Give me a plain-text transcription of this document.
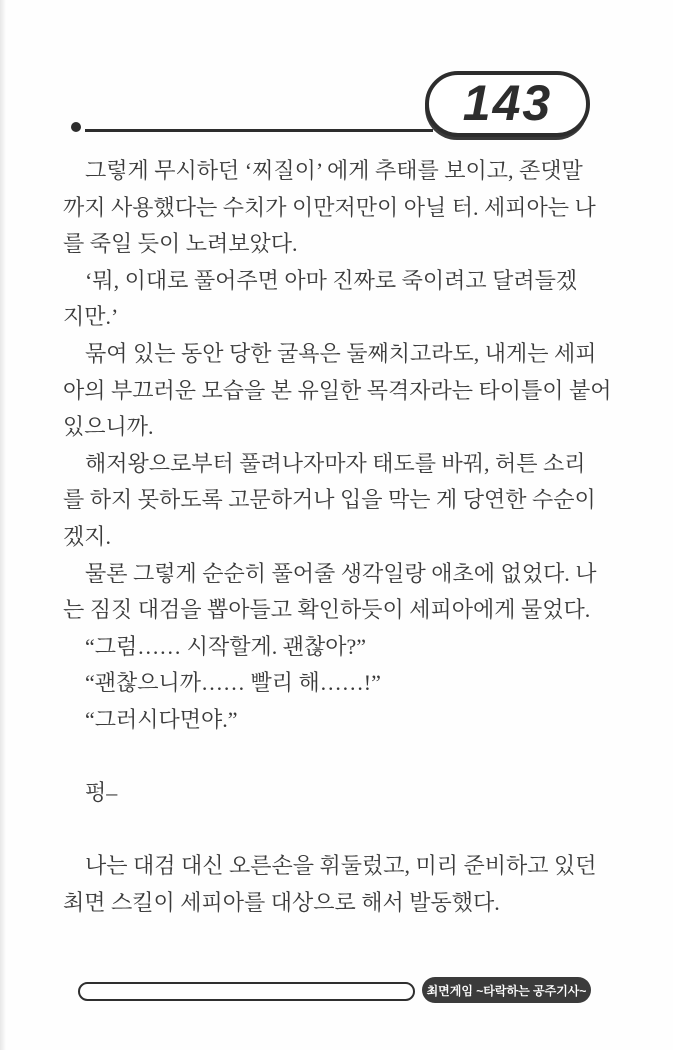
143
　그렇게 무시하던 ‘찌질이’ 에게 추태를 보이고, 존댓말
까지 사용했다는 수치가 이만저만이 아닐 터. 세피아는 나
를 죽일 듯이 노려보았다.
　‘뭐, 이대로 풀어주면 아마 진짜로 죽이려고 달려들겠
지만.’
　묶여 있는 동안 당한 굴욕은 둘째치고라도, 내게는 세피
아의 부끄러운 모습을 본 유일한 목격자라는 타이틀이 붙어
있으니까.
　해저왕으로부터 풀려나자마자 태도를 바꿔, 허튼 소리
를 하지 못하도록 고문하거나 입을 막는 게 당연한 수순이
겠지.
　물론 그렇게 순순히 풀어줄 생각일랑 애초에 없었다. 나
는 짐짓 대검을 뽑아들고 확인하듯이 세피아에게 물었다.
　“그럼…… 시작할게. 괜찮아?”
　“괜찮으니까…… 빨리 해……!”
　“그러시다면야.”
　펑–
　나는 대검 대신 오른손을 휘둘렀고, 미리 준비하고 있던
최면 스킬이 세피아를 대상으로 해서 발동했다.
최면게임 ~타락하는 공주기사~
